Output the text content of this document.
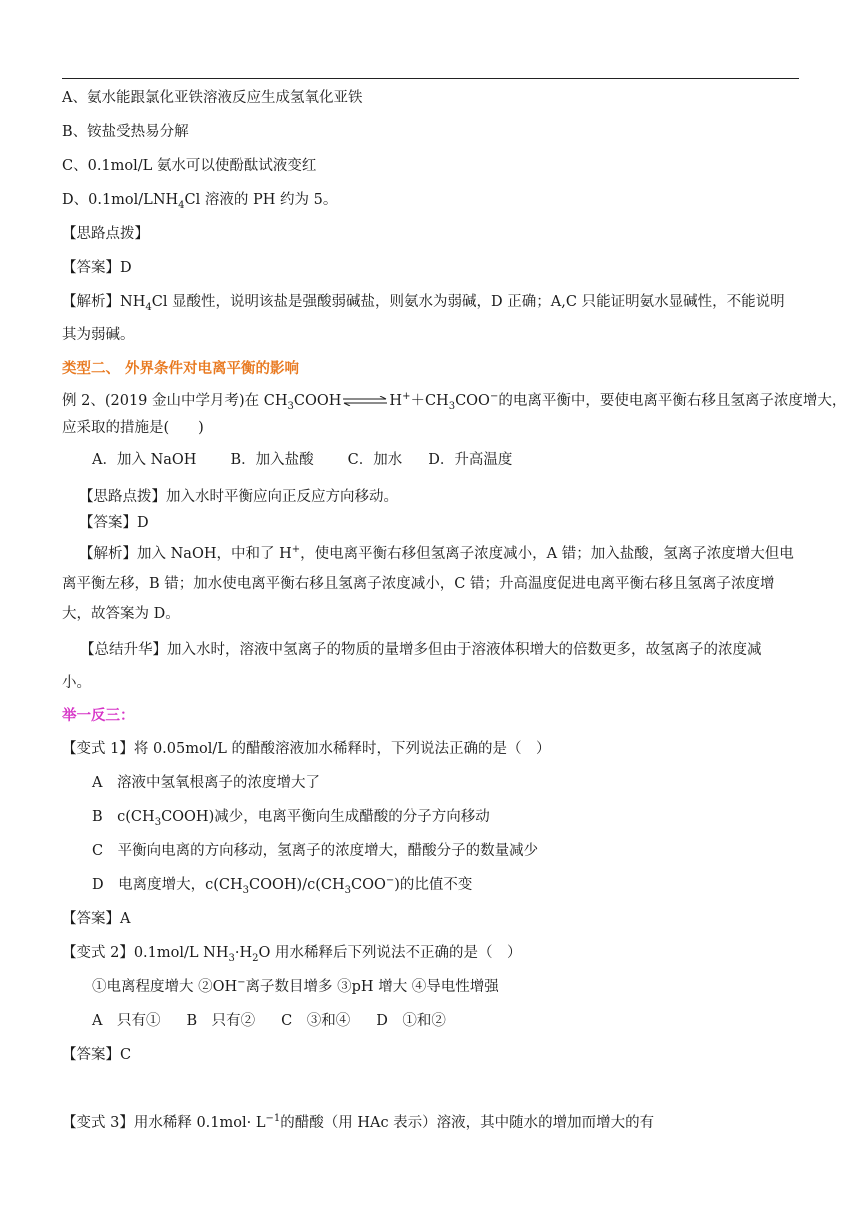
A、氨水能跟氯化亚铁溶液反应生成氢氧化亚铁
B、铵盐受热易分解
C、0.1mol/L 氨水可以使酚酞试液变红
D、$0.1mol/LNH_4Cl$ 溶液的 PH 约为 5。
【思路点拨】
【答案】D
【解析】$NH_4Cl$ 显酸性，说明该盐是强酸弱碱盐，则氨水为弱碱，D 正确；A,C 只能证明氨水显碱性，不能说明
其为弱碱。
类型二、 外界条件对电离平衡的影响
例 2、(2019 金山中学月考)在 $CH_3COOH\rightleftharpoons H^++CH_3COO^-$的电离平衡中，要使电离平衡右移且氢离子浓度增大，
应采取的措施是(　　)
A．加入 NaOH B．加入盐酸 C．加水 D．升高温度
【思路点拨】加入水时平衡应向正反应方向移动。
【答案】D
【解析】加入 NaOH，中和了 H+，使电离平衡右移但氢离子浓度减小，A 错；加入盐酸，氢离子浓度增大但电
离平衡左移，B 错；加水使电离平衡右移且氢离子浓度减小，C 错；升高温度促进电离平衡右移且氢离子浓度增
大，故答案为 D。
【总结升华】加入水时，溶液中氢离子的物质的量增多但由于溶液体积增大的倍数更多，故氢离子的浓度减
小。
举一反三：
【变式 1】将 0.05mol/L 的醋酸溶液加水稀释时，下列说法正确的是（　）
A　溶液中氢氧根离子的浓度增大了
B　$c(CH_3COOH)$减少，电离平衡向生成醋酸的分子方向移动
C　平衡向电离的方向移动，氢离子的浓度增大，醋酸分子的数量减少
D　电离度增大，$c(CH_3COOH)/c(CH_3COO^-)$的比值不变
【答案】A
【变式 2】0.1mol/L $NH_3\cdot H_2O$ 用水稀释后下列说法不正确的是（　）
①电离程度增大 ②OH−离子数目增多 ③pH 增大 ④导电性增强
A　只有① B　只有② C　③和④ D　①和②
【答案】C
【变式 3】用水稀释 $0.1mol\cdot L^{-1}$的醋酸（用 HAc 表示）溶液，其中随水的增加而增大的有
